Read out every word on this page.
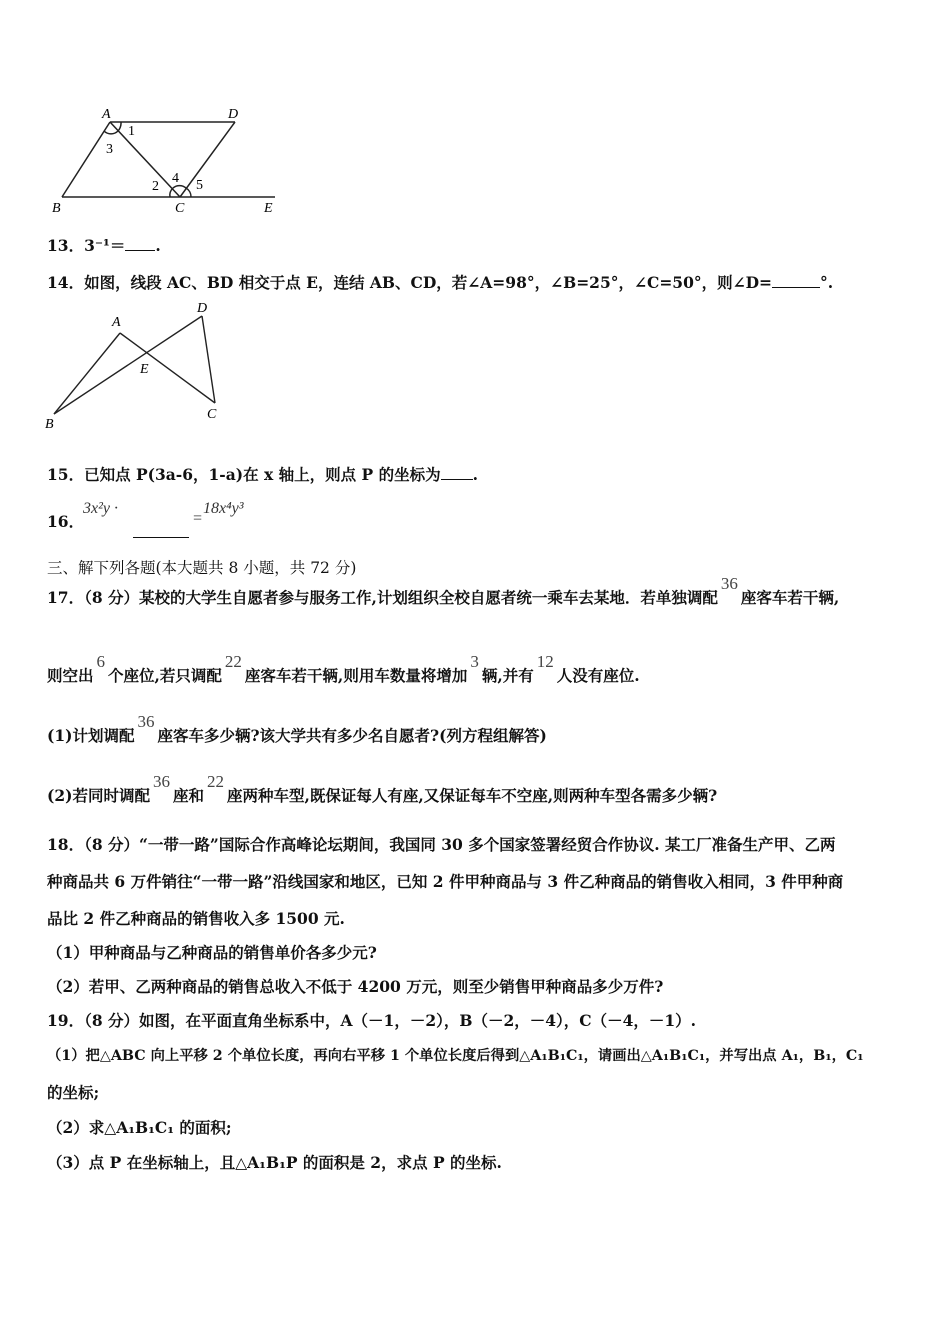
A	D
B	C	E
1
3
2
4 5
13．3⁻¹＝ .
14．如图，线段 AC、BD 相交于点 E，连结 AB、CD，若∠A=98°，∠B=25°，∠C=50°，则∠D=	°.
A
D
E
B
C
15．已知点 P(3a-6，1-a)在 x 轴上，则点 P 的坐标为 .
16．
3x²y ·
=
18x⁴y³
三、解下列各题(本大题共 8 小题，共 72 分)
17．（8 分）某校的大学生自愿者参与服务工作,计划组织全校自愿者统一乘车去某地．若单独调配36座客车若干辆,
则空出6个座位,若只调配22座客车若干辆,则用车数量将增加3辆,并有12人没有座位.
(1)计划调配36座客车多少辆?该大学共有多少名自愿者?(列方程组解答)
(2)若同时调配36座和22座两种车型,既保证每人有座,又保证每车不空座,则两种车型各需多少辆?
18．（8 分）“一带一路”国际合作高峰论坛期间，我国同 30 多个国家签署经贸合作协议. 某工厂准备生产甲、乙两
种商品共 6 万件销往“一带一路”沿线国家和地区，已知 2 件甲种商品与 3 件乙种商品的销售收入相同，3 件甲种商
品比 2 件乙种商品的销售收入多 1500 元.
（1）甲种商品与乙种商品的销售单价各多少元?
（2）若甲、乙两种商品的销售总收入不低于 4200 万元，则至少销售甲种商品多少万件?
19．（8 分）如图，在平面直角坐标系中，A（－1，－2），B（－2，－4），C（－4，－1）.
（1）把△ABC 向上平移 2 个单位长度，再向右平移 1 个单位长度后得到△A₁B₁C₁，请画出△A₁B₁C₁，并写出点 A₁，B₁，C₁
的坐标;
（2）求△A₁B₁C₁ 的面积;
（3）点 P 在坐标轴上，且△A₁B₁P 的面积是 2，求点 P 的坐标.
